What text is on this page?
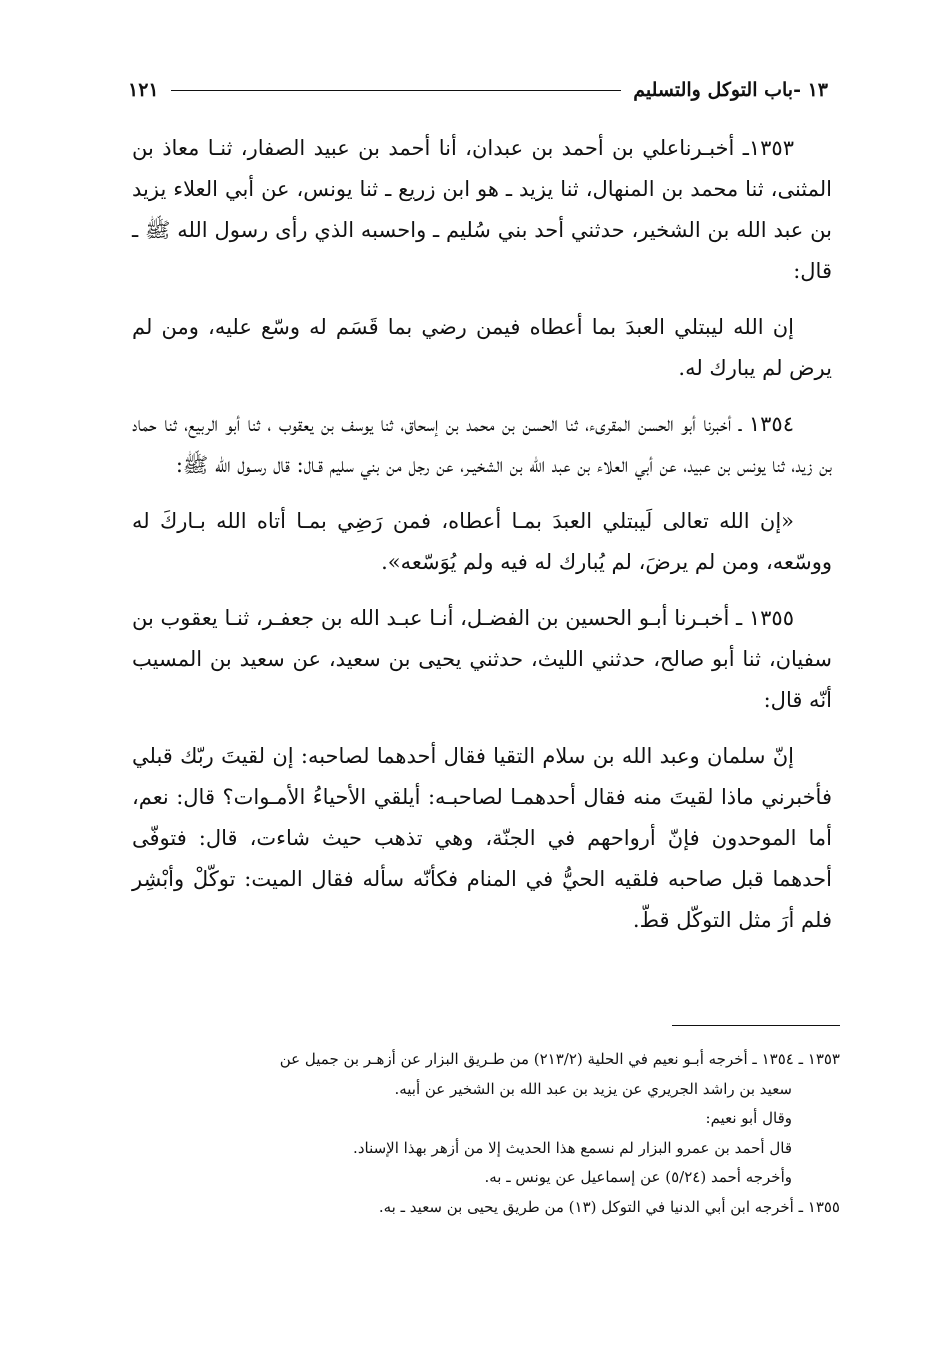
١٣ -باب التوكل والتسليم
١٢١

١٣٥٣ـ أخبـرناعلي بن أحمد بن عبدان، أنا أحمد بن عبيد الصفار، ثنـا معاذ بن المثنى، ثنا محمد بن المنهال، ثنا يزيد ـ هو ابن زريع ـ ثنا يونس، عن أبي العلاء يزيد بن عبد الله بن الشخير، حدثني أحد بني سُليم ـ واحسبه الذي رأى رسول الله ﷺ ـ قال:

إن الله ليبتلي العبدَ بما أعطاه فيمن رضي بما قَسَم له وسّع عليه، ومن لم يرض لم يبارك له.

١٣٥٤ ـ أخبرنا أبو الحسن المقرىء، ثنا الحسن بن محمد بن إسحاق، ثنا يوسف بن يعقوب ، ثنا أبو الربيع، ثنا حماد بن زيد، ثنا يونس بن عبيد، عن أبي العلاء بن عبد الله بن الشخيـر، عن رجل من بني سليم قـال: قال رسـول الله ﷺ:

«إن الله تعالى لَيبتلي العبدَ بمـا أعطاه، فمن رَضِي بمـا أتاه الله بـاركَ له ووسّعه، ومن لم يرضَ، لم يُبارك له فيه ولم يُوَسّعه».

١٣٥٥ ـ أخبـرنا أبـو الحسين بن الفضـل، أنـا عبـد الله بن جعفـر، ثنـا يعقوب بن سفيان، ثنا أبو صالح، حدثني الليث، حدثني يحيى بن سعيد، عن سعيد بن المسيب أنّه قال:

إنّ سلمان وعبد الله بن سلام التقيا فقال أحدهما لصاحبه: إن لقيتَ ربّك قبلي فأخبرني ماذا لقيتَ منه فقال أحدهمـا لصاحبـه: أيلقي الأحياءُ الأمـوات؟ قال: نعم، أما الموحدون فإنّ أرواحهم في الجنّة، وهي تذهب حيث شاءت، قال: فتوفّى أحدهما قبل صاحبه فلقيه الحيُّ في المنام فكأنّه سأله فقال الميت: توكّلْ وأبْشِر فلم أرَ مثل التوكّل قطّ.

١٣٥٣ ـ ١٣٥٤ ـ أخرجه أبـو نعيم في الحلية (٢١٣/٢) من طـريق البزار عن أزهـر بن جميل عن

سعيد بن راشد الجريري عن يزيد بن عبد الله بن الشخير عن أبيه.

وقال أبو نعيم:

قال أحمد بن عمرو البزار لم نسمع هذا الحديث إلا من أزهر بهذا الإسناد.

وأخرجه أحمد (٥/٢٤) عن إسماعيل عن يونس ـ به.

١٣٥٥ ـ أخرجه ابن أبي الدنيا في التوكل (١٣) من طريق يحيى بن سعيد ـ به.
